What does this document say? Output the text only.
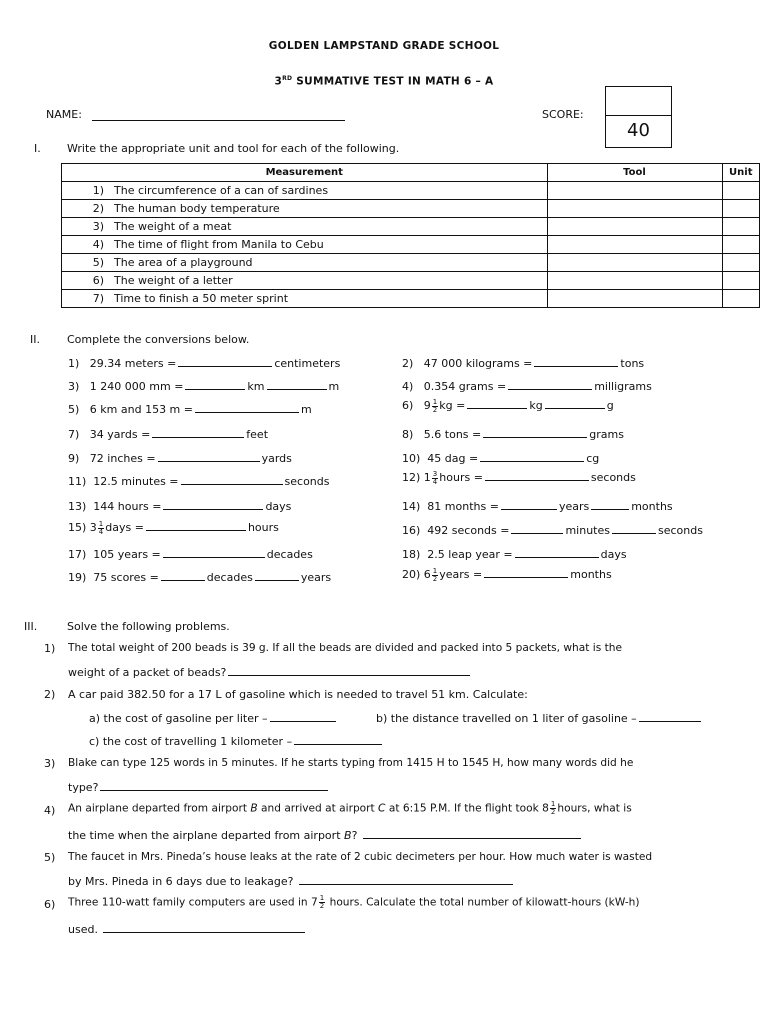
GOLDEN LAMPSTAND GRADE SCHOOL
3RD SUMMATIVE TEST IN MATH 6 – A
NAME:	SCORE:
40
I. Write the appropriate unit and tool for each of the following.
Measurement		Tool	Unit
1)	The circumference of a can of sardines		
2)	The human body temperature		
3)	The weight of a meat		
4)	The time of flight from Manila to Cebu		
5)	The area of a playground		
6)	The weight of a letter		
7)	Time to finish a 50 meter sprint		
II. Complete the conversions below.
1) 29.34 meters =	centimeters
3) 1 240 000 mm =	km	m
5) 6 km and 153 m =	m
7) 34 yards =	feet
9) 72 inches =	yards
11) 12.5 minutes =	seconds
13) 144 hours =	days
15) $3 \frac{1}{4}$ days =	hours
17) 105 years =	decades
19) 75 scores =	decades	years
2) 47 000 kilograms =	tons
4) 0.354 grams =	milligrams
6) $9 \frac{1}{2}$ kg =	kg	g
8) 5.6 tons =	grams
10) 45 dag =	cg
12) $1 \frac{3}{4}$ hours =	seconds
14) 81 months =	years	months
16) 492 seconds =	minutes	seconds
18) 2.5 leap year =	days
20) $6 \frac{1}{2}$ years =	months
III.	Solve the following problems.
1) The total weight of 200 beads is 39 g. If all the beads are divided and packed into 5 packets, what is the
weight of a packet of beads?
2) A car paid 382.50 for a 17 L of gasoline which is needed to travel 51 km. Calculate:
a) the cost of gasoline per liter –	b) the distance travelled on 1 liter of gasoline –
c) the cost of travelling 1 kilometer –
3) Blake can type 125 words in 5 minutes. If he starts typing from 1415 H to 1545 H, how many words did he
type?
4) An airplane departed from airport B and arrived at airport C at 6:15 P.M. If the flight took $8 \frac{1}{2}$ hours, what is
the time when the airplane departed from airport B?
5) The faucet in Mrs. Pineda’s house leaks at the rate of 2 cubic decimeters per hour. How much water is wasted
by Mrs. Pineda in 6 days due to leakage?
6) Three 110-watt family computers are used in $7 \frac{1}{2}$ hours. Calculate the total number of kilowatt-hours (kW-h)
used.
